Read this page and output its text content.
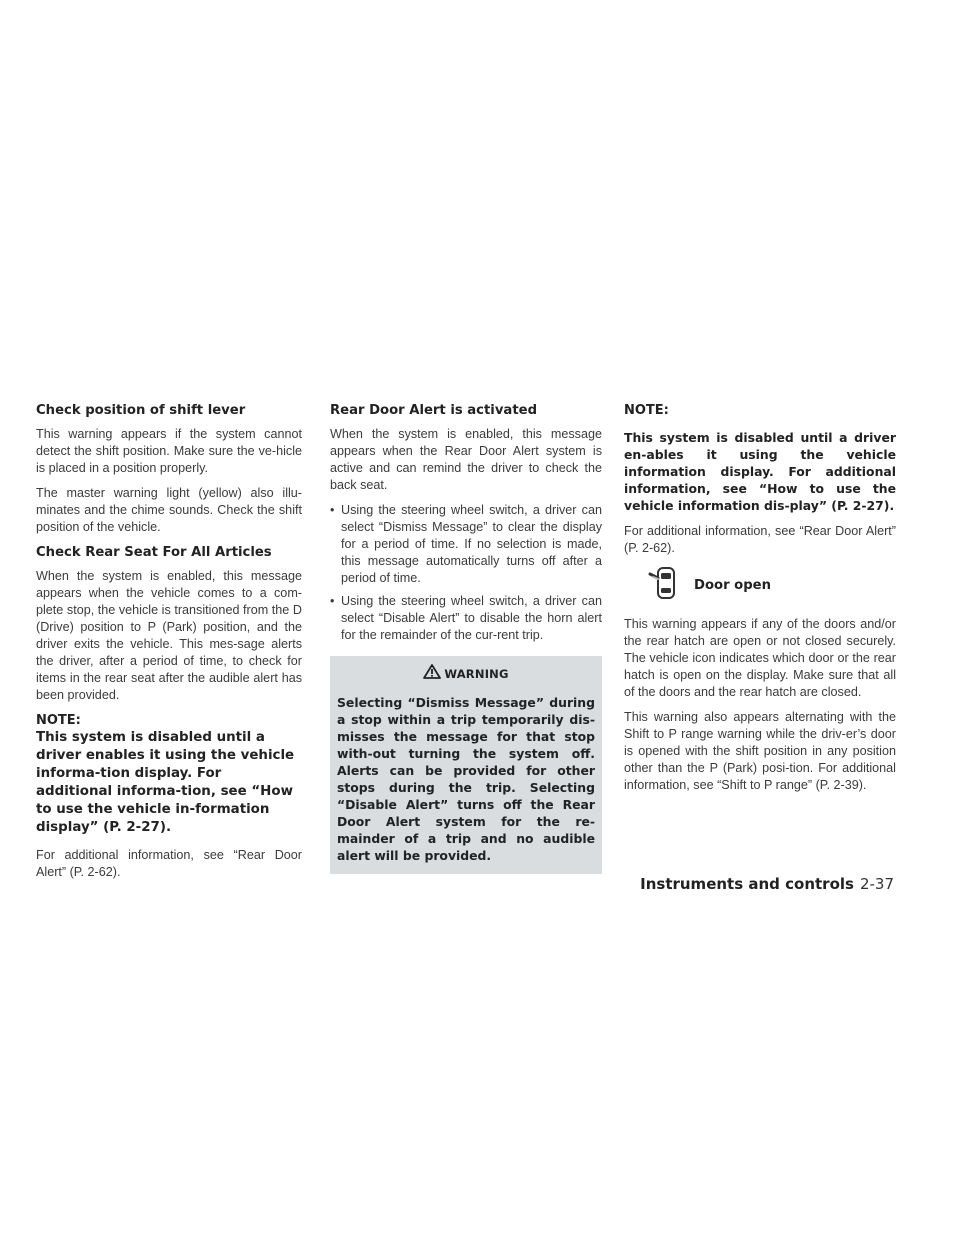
Check position of shift lever

This warning appears if the system cannot detect the shift position. Make sure the ve-hicle is placed in a position properly.

The master warning light (yellow) also illu-minates and the chime sounds. Check the shift position of the vehicle.

Check Rear Seat For All Articles

When the system is enabled, this message appears when the vehicle comes to a com-plete stop, the vehicle is transitioned from the D (Drive) position to P (Park) position, and the driver exits the vehicle. This mes-sage alerts the driver, after a period of time, to check for items in the rear seat after the audible alert has been provided.

NOTE:
This system is disabled until a driver enables it using the vehicle informa-tion display. For additional informa-tion, see “How to use the vehicle in-formation display” (P. 2-27).

For additional information, see “Rear Door Alert” (P. 2-62).

Rear Door Alert is activated

When the system is enabled, this message appears when the Rear Door Alert system is active and can remind the driver to check the back seat.

• Using the steering wheel switch, a driver can select “Dismiss Message” to clear the display for a period of time. If no selection is made, this message automatically turns off after a period of time.
• Using the steering wheel switch, a driver can select “Disable Alert” to disable the horn alert for the remainder of the cur-rent trip.
WARNING

Selecting “Dismiss Message” during a stop within a trip temporarily dis-misses the message for that stop with-out turning the system off. Alerts can be provided for other stops during the trip. Selecting “Disable Alert” turns off the Rear Door Alert system for the re-mainder of a trip and no audible alert will be provided.

NOTE:
This system is disabled until a driver en-ables it using the vehicle information display. For additional information, see “How to use the vehicle information dis-play” (P. 2-27).

For additional information, see “Rear Door Alert” (P. 2-62).

Door open

This warning appears if any of the doors and/or the rear hatch are open or not closed securely. The vehicle icon indicates which door or the rear hatch is open on the display. Make sure that all of the doors and the rear hatch are closed.

This warning also appears alternating with the Shift to P range warning while the driv-er’s door is opened with the shift position in any position other than the P (Park) posi-tion. For additional information, see “Shift to P range” (P. 2-39).

Instruments and controls 2-37
